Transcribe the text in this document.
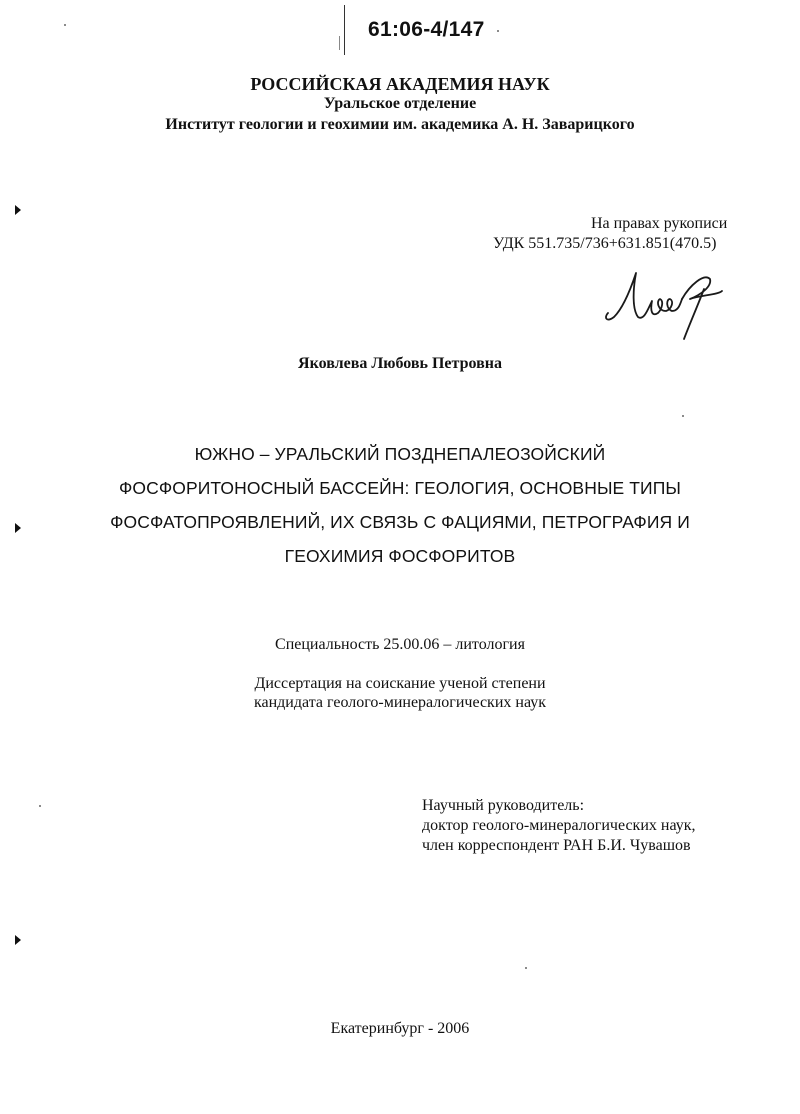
61:06-4/147
РОССИЙСКАЯ АКАДЕМИЯ НАУК
Уральское отделение
Институт геологии и геохимии им. академика А. Н. Заварицкого
На правах рукописи
УДК 551.735/736+631.851(470.5)
Яковлева Любовь Петровна
ЮЖНО – УРАЛЬСКИЙ ПОЗДНЕПАЛЕОЗОЙСКИЙ
ФОСФОРИТОНОСНЫЙ БАССЕЙН: ГЕОЛОГИЯ, ОСНОВНЫЕ ТИПЫ
ФОСФАТОПРОЯВЛЕНИЙ, ИХ СВЯЗЬ С ФАЦИЯМИ, ПЕТРОГРАФИЯ И
ГЕОХИМИЯ ФОСФОРИТОВ
Специальность 25.00.06 – литология
Диссертация на соискание ученой степени
кандидата геолого-минералогических наук
Научный руководитель:
доктор геолого-минералогических наук,
член корреспондент РАН Б.И. Чувашов
Екатеринбург - 2006
